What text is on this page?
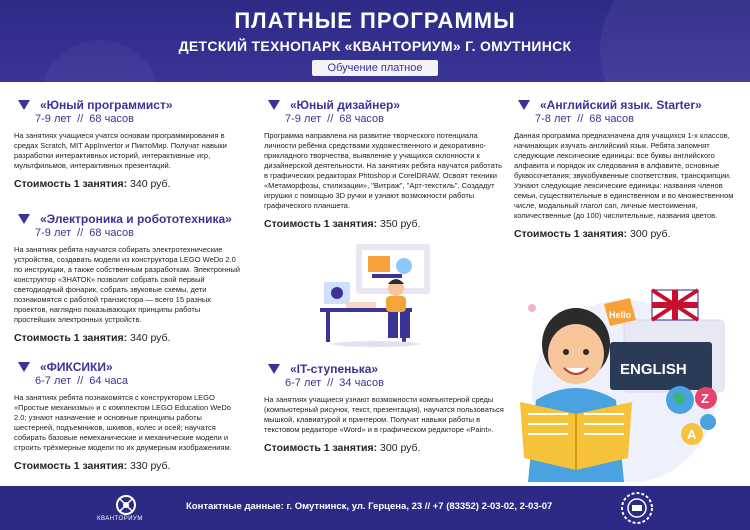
ПЛАТНЫЕ ПРОГРАММЫ
ДЕТСКИЙ ТЕХНОПАРК «КВАНТОРИУМ» Г. ОМУТНИНСК
Обучение платное
«Юный программист»
7-9 лет // 68 часов
На занятиях учащиеся учатся основам программирования в средах Scratch, MIT AppInvertor и ПиктоМир. Получат навыки разработки интерактивных историй, интерактивные игр, мультфильмов, интерактивных презентаций.
Стоимость 1 занятия: 340 руб.
«Электроника и робототехника»
7-9 лет // 68 часов
На занятиях ребята научатся собирать электротехнические устройства, создавать модели из конструктора LEGO WeDo 2.0 по инструкции, а также собственным разработкам. Электронный конструктор «ЗНАТОК» позволит собрать свой первый светодиодный фонарик, собрать звуковые схемы, дети познакомятся с работой транзистора — всего 15 разных проектов, наглядно показывающих принципы работы простейших электронных устройств.
Стоимость 1 занятия: 340 руб.
«ФИКСИКИ»
6-7 лет // 64 часа
На занятиях ребята познакомятся с конструктором LEGO «Простые механизмы» и с комплектом LEGO Education WeDo 2.0; узнают назначение и основные принципы работы шестерней, подъемников, шкивов, колес и осей; научатся собирать базовые немеханические и механические модели и строить трёхмерные модели по их двумерным изображениям.
Стоимость 1 занятия: 330 руб.
«Юный дизайнер»
7-9 лет // 68 часов
Программа направлена на развитие творческого потенциала личности ребёнка средствами художественного и декоративно-прикладного творчества, выявление у учащихся склонности к дизайнерской деятельности. На занятиях ребята научатся работать в графических редакторах Phtoshop и CorelDRAW. Освоят техники «Метаморфозы, стилизации», "Витраж", "Арт-текстиль". Создадут игрушки с помощью 3D ручки и узнают возможности работы графического планшета.
Стоимость 1 занятия: 350 руб.
«IT-ступенька»
6-7 лет // 34 часов
На занятиях учащиеся узнают возможности компьютерной среды (компьютерный рисунок, текст, презентация), научатся пользоваться мышкой, клавиатурой и принтером. Получат навыки работы в текстовом редакторе «Word» и в графическом редакторе «Paint».
Стоимость 1 занятия: 300 руб.
«Английский язык. Starter»
7-8 лет // 68 часов
Данная программа предназначена для учащихся 1-х классов, начинающих изучать английский язык. Ребята запомнят следующие лексические единицы: все буквы английского алфавита и порядок их следования в алфавите, основные буквосочетания; звукобуквенные соответствия, транскрипции. Узнают следующие лексические единицы: названия членов семьи, существительные в единственном и во множественном числе, модальный глагол can, личные местоимения, количественные (до 100) числительные, названия цветов.
Стоимость 1 занятия: 300 руб.
ENGLISH
Hello
Z
A
КВАНТОРИУМ
Контактные данные: г. Омутнинск, ул. Герцена, 23 // +7 (83352) 2-03-02, 2-03-07
